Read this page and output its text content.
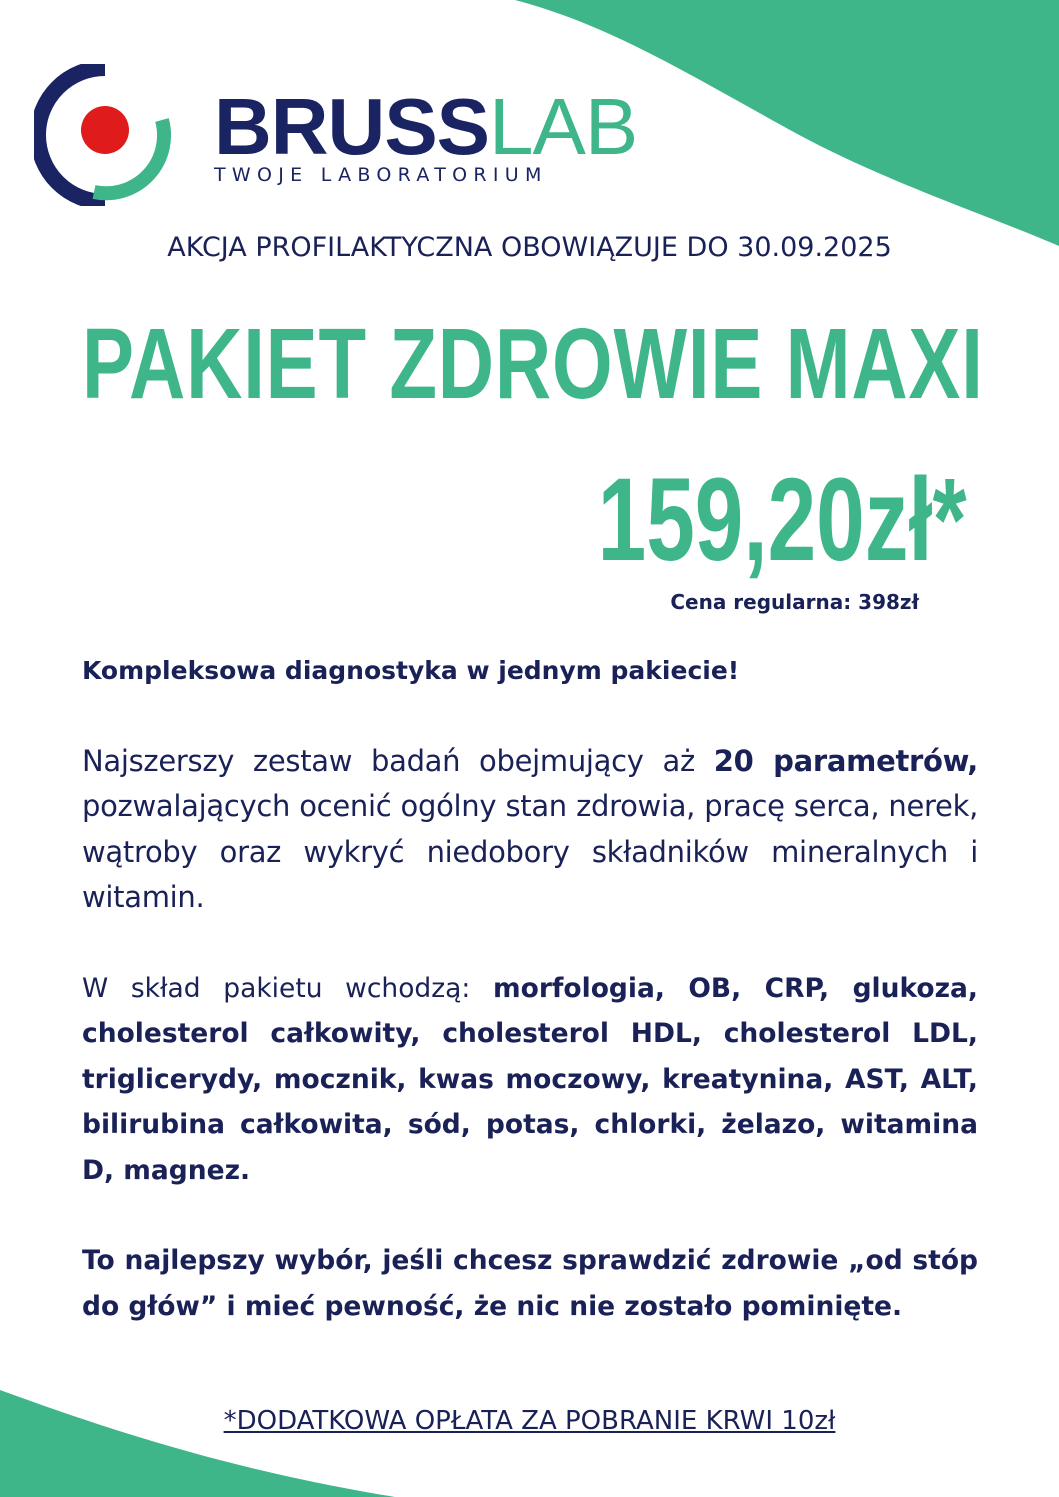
BRUSSLAB
TWOJE LABORATORIUM
AKCJA PROFILAKTYCZNA OBOWIĄZUJE DO 30.09.2025
PAKIET ZDROWIE MAXI
159,20zł*
Cena regularna: 398zł

Kompleksowa diagnostyka w jednym pakiecie!

Najszerszy zestaw badań obejmujący aż 20 parametrów, pozwalających ocenić ogólny stan zdrowia, pracę serca, nerek, wątroby oraz wykryć niedobory składników mineralnych i witamin.

W skład pakietu wchodzą: morfologia, OB, CRP, glukoza, cholesterol całkowity, cholesterol HDL, cholesterol LDL, triglicerydy, mocznik, kwas moczowy, kreatynina, AST, ALT, bilirubina całkowita, sód, potas, chlorki, żelazo, witamina D, magnez.

To najlepszy wybór, jeśli chcesz sprawdzić zdrowie „od stóp do głów” i mieć pewność, że nic nie zostało pominięte.

*DODATKOWA OPŁATA ZA POBRANIE KRWI 10zł
